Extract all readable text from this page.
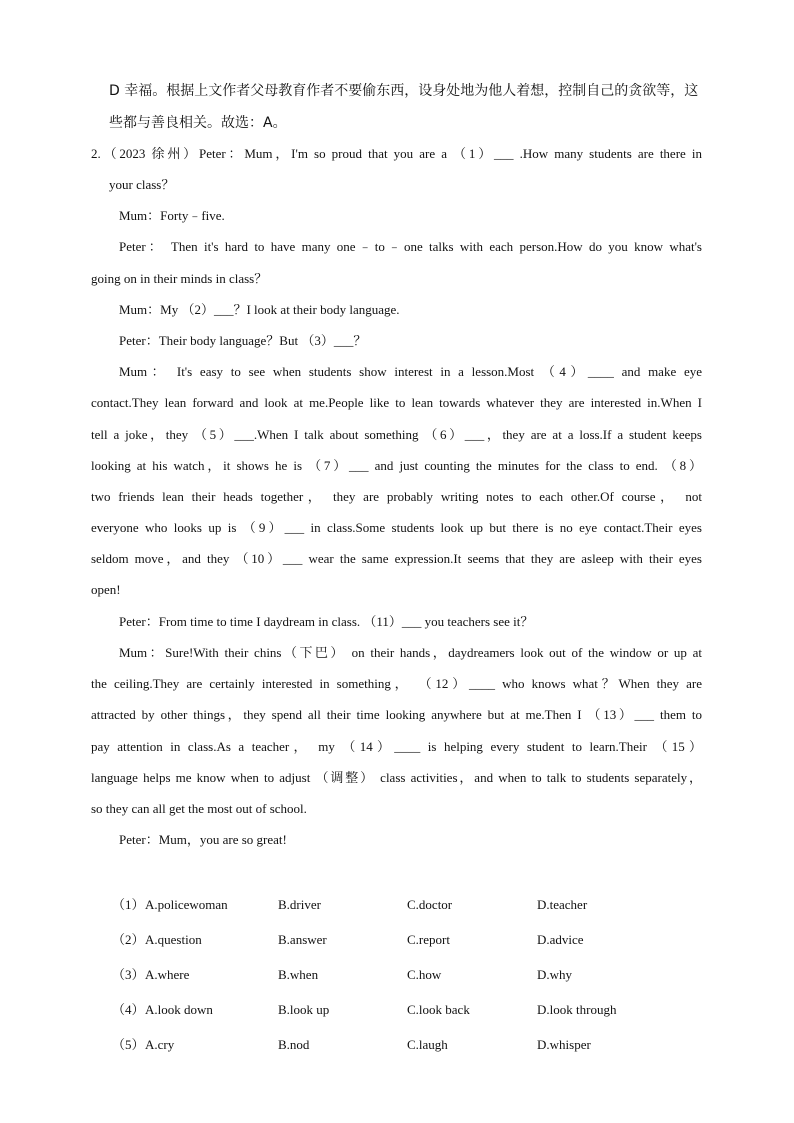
D 幸福。根据上文作者父母教育作者不要偷东西，设身处地为他人着想，控制自己的贪欲等，这
些都与善良相关。故选：A。
2.（2023 徐州）Peter：Mum，I'm so proud that you are a （1）___ .How many students are there in
your class？
Mum：Forty﹣five.
Peter： Then it's hard to have many one﹣to﹣one talks with each person.How do you know what's
going on in their minds in class？
Mum：My （2）___？I look at their body language.
Peter：Their body language？But （3）___？
Mum： It's easy to see when students show interest in a lesson.Most （4）____ and make eye
contact.They lean forward and look at me.People like to lean towards whatever they are interested in.When I
tell a joke，they （5）___.When I talk about something （6）___，they are at a loss.If a student keeps
looking at his watch，it shows he is （7）___ and just counting the minutes for the class to end. （8）
two friends lean their heads together， they are probably writing notes to each other.Of course， not
everyone who looks up is （9）___ in class.Some students look up but there is no eye contact.Their eyes
seldom move，and they （10）___ wear the same expression.It seems that they are asleep with their eyes
open!
Peter：From time to time I daydream in class. （11）___ you teachers see it？
Mum：Sure!With their chins（下巴） on their hands，daydreamers look out of the window or up at
the ceiling.They are certainly interested in something， （12）____ who knows what？When they are
attracted by other things，they spend all their time looking anywhere but at me.Then I （13）___ them to
pay attention in class.As a teacher， my （14）____ is helping every student to learn.Their （15）
language helps me know when to adjust （调整） class activities，and when to talk to students separately，
so they can all get the most out of school.
Peter：Mum，you are so great!
（1） A.policewoman	B.driver	C.doctor	D.teacher
（2） A.question	B.answer	C.report	D.advice
（3） A.where	B.when	C.how	D.why
（4） A.look down	B.look up	C.look back	D.look through
（5） A.cry	B.nod	C.laugh	D.whisper
